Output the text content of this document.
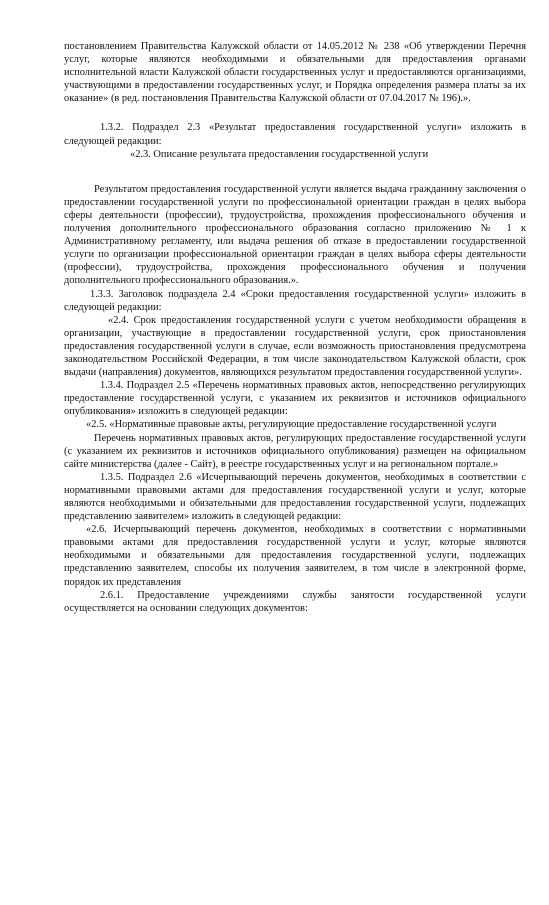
постановлением Правительства Калужской области от 14.05.2012 № 238 «Об утверждении Перечня услуг, которые являются необходимыми и обязательными для предоставления органами исполнительной власти Калужской области государственных услуг и предоставляются организациями, участвующими в предоставлении государственных услуг, и Порядка определения размера платы за их оказание» (в ред. постановления Правительства Калужской области от 07.04.2017 № 196).».

1.3.2. Подраздел 2.3 «Результат предоставления государственной услуги» изложить в следующей редакции:

«2.3. Описание результата предоставления государственной услуги

Результатом предоставления государственной услуги является выдача гражданину заключения о предоставлении государственной услуги по профессиональной ориентации граждан в целях выбора сферы деятельности (профессии), трудоустройства, прохождения профессионального обучения и получения дополнительного профессионального образования согласно приложению № 1 к Административному регламенту, или выдача решения об отказе в предоставлении государственной услуги по организации профессиональной ориентации граждан в целях выбора сферы деятельности (профессии), трудоустройства, прохождения профессионального обучения и получения дополнительного профессионального образования.».

1.3.3. Заголовок подраздела 2.4 «Сроки предоставления государственной услуги» изложить в следующей редакции:

«2.4. Срок предоставления государственной услуги с учетом необходимости обращения в организации, участвующие в предоставлении государственной услуги, срок приостановления предоставления государственной услуги в случае, если возможность приостановления предусмотрена законодательством Российской Федерации, в том числе законодательством Калужской области, срок выдачи (направления) документов, являющихся результатом предоставления государственной услуги».

1.3.4. Подраздел 2.5 «Перечень нормативных правовых актов, непосредственно регулирующих предоставление государственной услуги, с указанием их реквизитов и источников официального опубликования» изложить в следующей редакции:

«2.5. «Нормативные правовые акты, регулирующие предоставление государственной услуги

Перечень нормативных правовых актов, регулирующих предоставление государственной услуги (с указанием их реквизитов и источников официального опубликования) размещен на официальном сайте министерства (далее - Сайт), в реестре государственных услуг и на региональном портале.»

1.3.5. Подраздел 2.6 «Исчерпывающий перечень документов, необходимых в соответствии с нормативными правовыми актами для предоставления государственной услуги и услуг, которые являются необходимыми и обязательными для предоставления государственной услуги, подлежащих представлению заявителем» изложить в следующей редакции:

«2.6. Исчерпывающий перечень документов, необходимых в соответствии с нормативными правовыми актами для предоставления государственной услуги и услуг, которые являются необходимыми и обязательными для предоставления государственной услуги, подлежащих представлению заявителем, способы их получения заявителем, в том числе в электронной форме, порядок их представления

2.6.1. Предоставление учреждениями службы занятости государственной услуги осуществляется на основании следующих документов:
